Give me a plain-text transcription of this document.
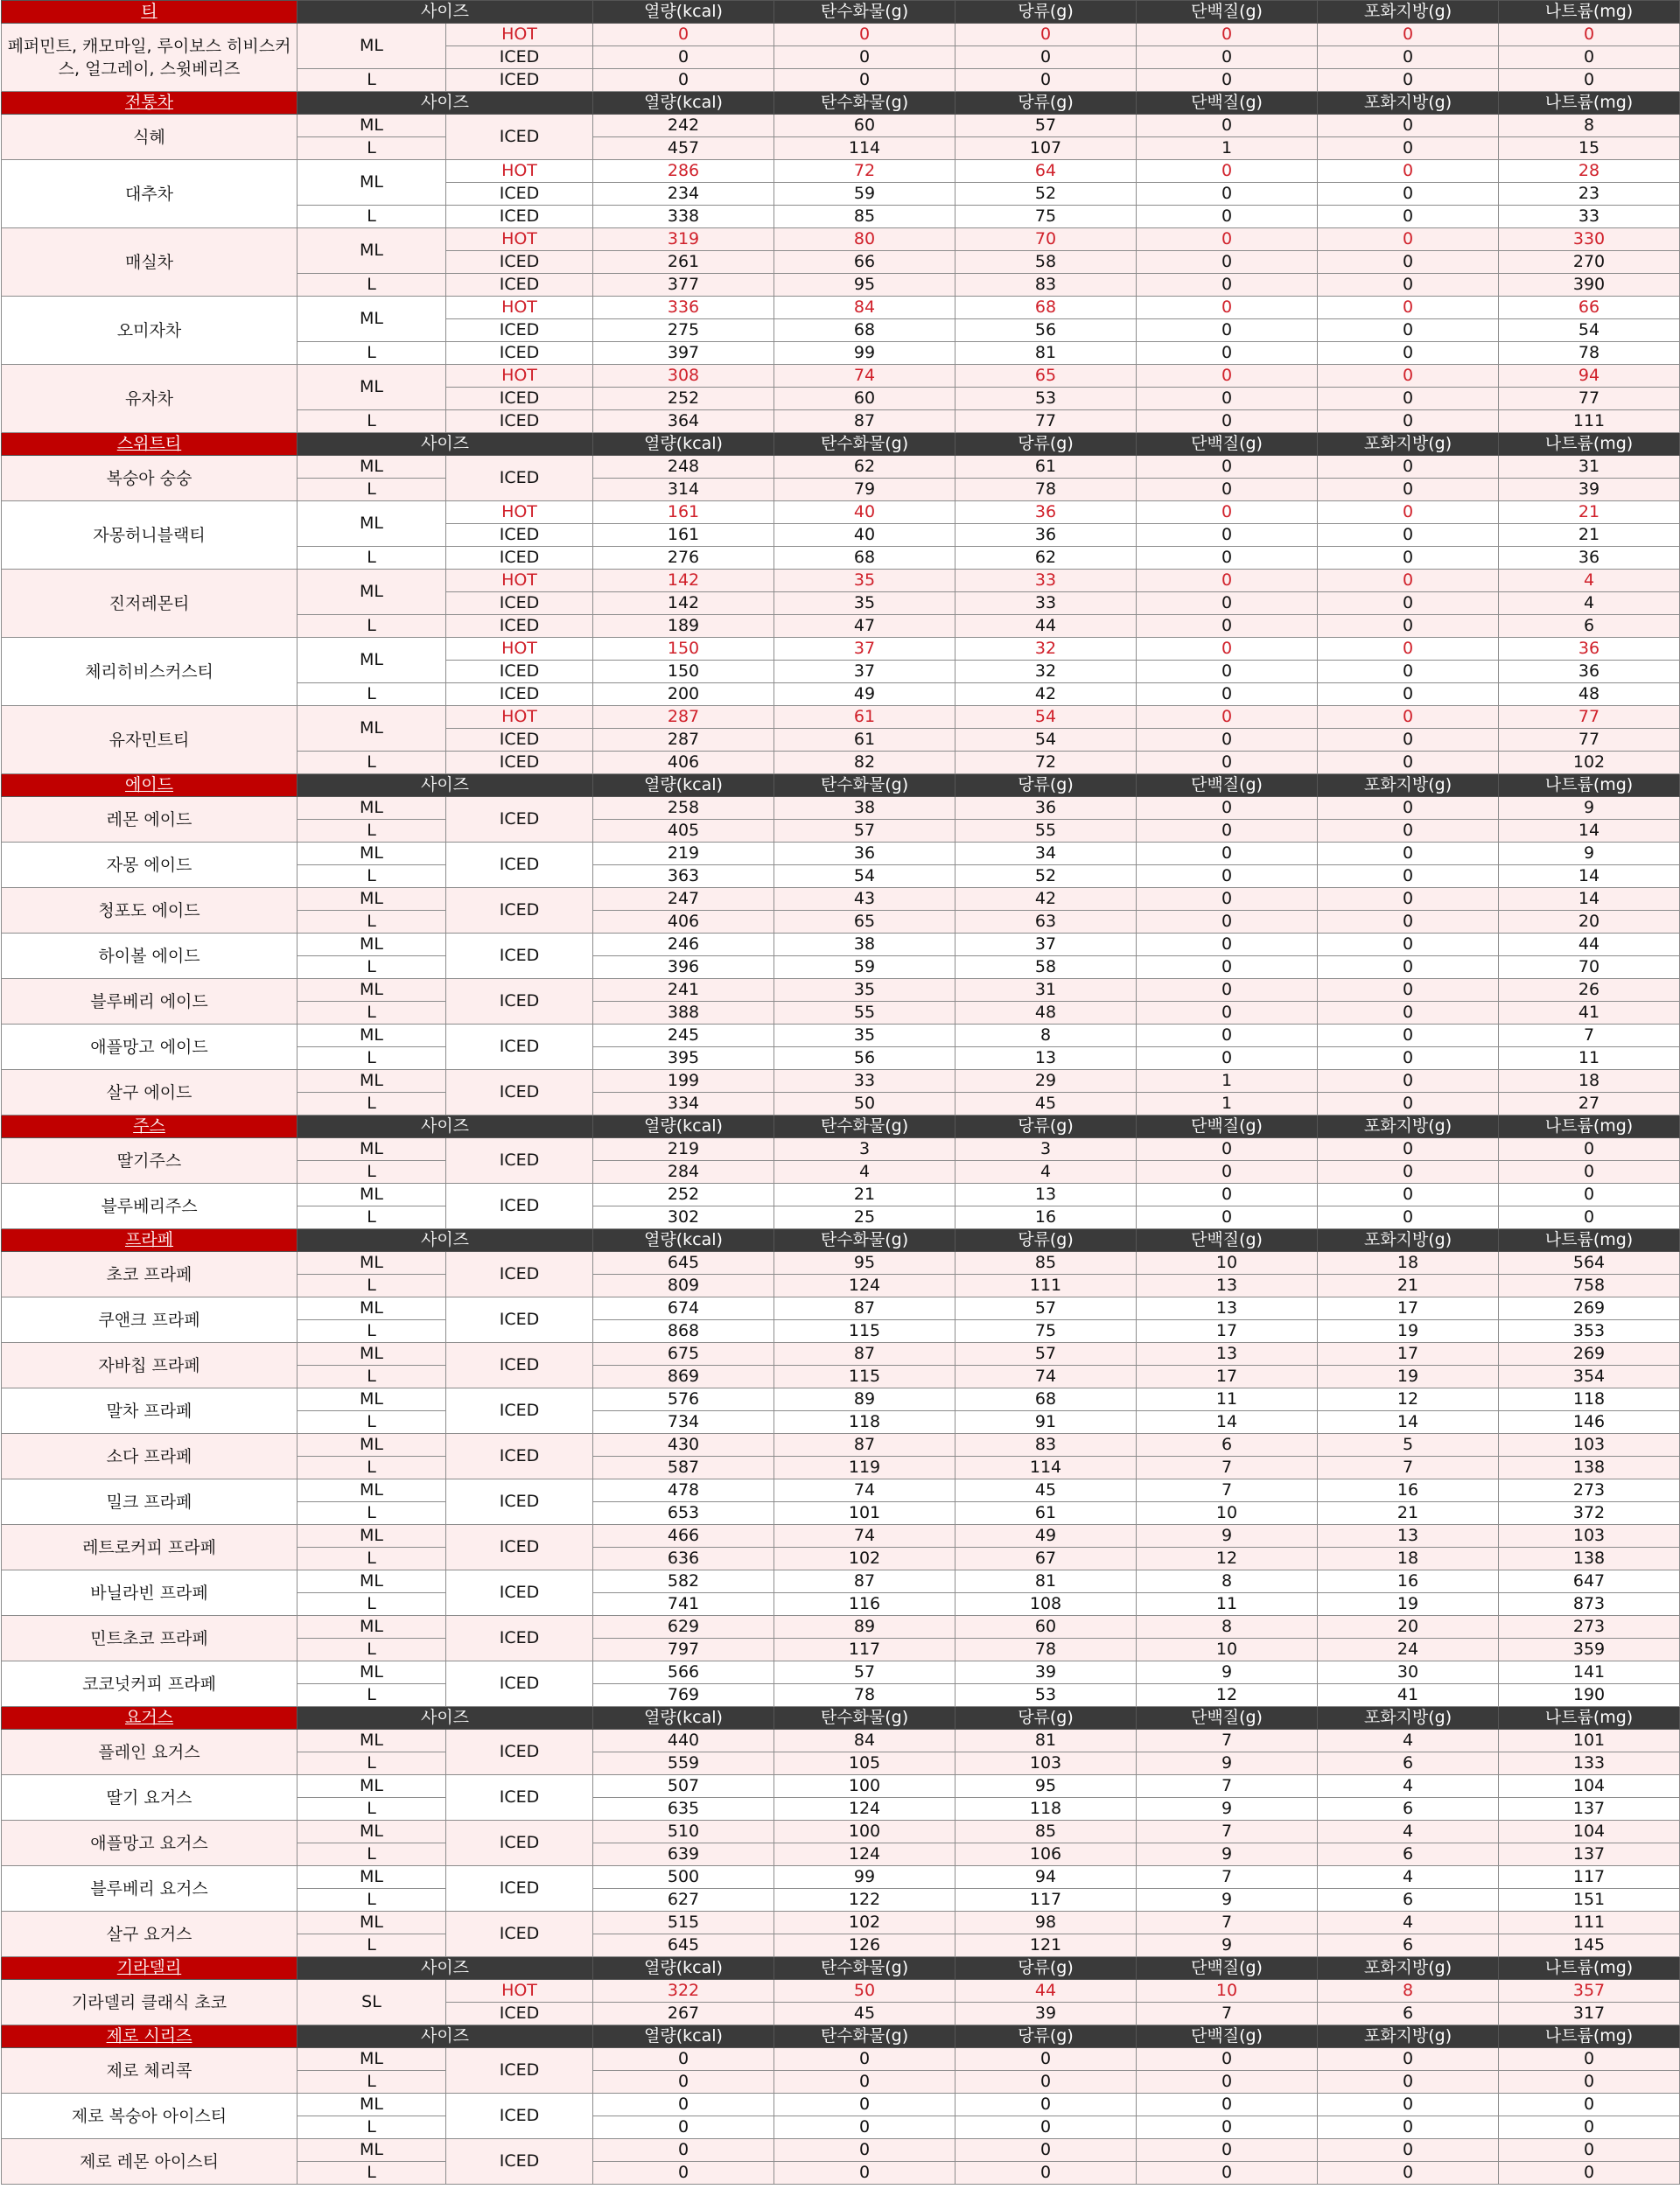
티	사이즈		열량(kcal)	탄수화물(g)	당류(g)	단백질(g)	포화지방(g)	나트륨(mg)
페퍼민트, 캐모마일, 루이보스 히비스커스, 얼그레이, 스윗베리즈	ML	HOT	0	0	0	0	0	0
		ICED	0	0	0	0	0	0
	L	ICED	0	0	0	0	0	0
전통차	사이즈		열량(kcal)	탄수화물(g)	당류(g)	단백질(g)	포화지방(g)	나트륨(mg)
식혜	ML	ICED	242	60	57	0	0	8
	L		457	114	107	1	0	15
대추차	ML	HOT	286	72	64	0	0	28
		ICED	234	59	52	0	0	23
	L	ICED	338	85	75	0	0	33
매실차	ML	HOT	319	80	70	0	0	330
		ICED	261	66	58	0	0	270
	L	ICED	377	95	83	0	0	390
오미자차	ML	HOT	336	84	68	0	0	66
		ICED	275	68	56	0	0	54
	L	ICED	397	99	81	0	0	78
유자차	ML	HOT	308	74	65	0	0	94
		ICED	252	60	53	0	0	77
	L	ICED	364	87	77	0	0	111
스위트티	사이즈		열량(kcal)	탄수화물(g)	당류(g)	단백질(g)	포화지방(g)	나트륨(mg)
복숭아 숭숭	ML	ICED	248	62	61	0	0	31
	L		314	79	78	0	0	39
자몽허니블랙티	ML	HOT	161	40	36	0	0	21
		ICED	161	40	36	0	0	21
	L	ICED	276	68	62	0	0	36
진저레몬티	ML	HOT	142	35	33	0	0	4
		ICED	142	35	33	0	0	4
	L	ICED	189	47	44	0	0	6
체리히비스커스티	ML	HOT	150	37	32	0	0	36
		ICED	150	37	32	0	0	36
	L	ICED	200	49	42	0	0	48
유자민트티	ML	HOT	287	61	54	0	0	77
		ICED	287	61	54	0	0	77
	L	ICED	406	82	72	0	0	102
에이드	사이즈		열량(kcal)	탄수화물(g)	당류(g)	단백질(g)	포화지방(g)	나트륨(mg)
레몬 에이드	ML	ICED	258	38	36	0	0	9
	L		405	57	55	0	0	14
자몽 에이드	ML	ICED	219	36	34	0	0	9
	L		363	54	52	0	0	14
청포도 에이드	ML	ICED	247	43	42	0	0	14
	L		406	65	63	0	0	20
하이볼 에이드	ML	ICED	246	38	37	0	0	44
	L		396	59	58	0	0	70
블루베리 에이드	ML	ICED	241	35	31	0	0	26
	L		388	55	48	0	0	41
애플망고 에이드	ML	ICED	245	35	8	0	0	7
	L		395	56	13	0	0	11
살구 에이드	ML	ICED	199	33	29	1	0	18
	L		334	50	45	1	0	27
주스	사이즈		열량(kcal)	탄수화물(g)	당류(g)	단백질(g)	포화지방(g)	나트륨(mg)
딸기주스	ML	ICED	219	3	3	0	0	0
	L		284	4	4	0	0	0
블루베리주스	ML	ICED	252	21	13	0	0	0
	L		302	25	16	0	0	0
프라페	사이즈		열량(kcal)	탄수화물(g)	당류(g)	단백질(g)	포화지방(g)	나트륨(mg)
초코 프라페	ML	ICED	645	95	85	10	18	564
	L		809	124	111	13	21	758
쿠앤크 프라페	ML	ICED	674	87	57	13	17	269
	L		868	115	75	17	19	353
자바칩 프라페	ML	ICED	675	87	57	13	17	269
	L		869	115	74	17	19	354
말차 프라페	ML	ICED	576	89	68	11	12	118
	L		734	118	91	14	14	146
소다 프라페	ML	ICED	430	87	83	6	5	103
	L		587	119	114	7	7	138
밀크 프라페	ML	ICED	478	74	45	7	16	273
	L		653	101	61	10	21	372
레트로커피 프라페	ML	ICED	466	74	49	9	13	103
	L		636	102	67	12	18	138
바닐라빈 프라페	ML	ICED	582	87	81	8	16	647
	L		741	116	108	11	19	873
민트초코 프라페	ML	ICED	629	89	60	8	20	273
	L		797	117	78	10	24	359
코코넛커피 프라페	ML	ICED	566	57	39	9	30	141
	L		769	78	53	12	41	190
요거스	사이즈		열량(kcal)	탄수화물(g)	당류(g)	단백질(g)	포화지방(g)	나트륨(mg)
플레인 요거스	ML	ICED	440	84	81	7	4	101
	L		559	105	103	9	6	133
딸기 요거스	ML	ICED	507	100	95	7	4	104
	L		635	124	118	9	6	137
애플망고 요거스	ML	ICED	510	100	85	7	4	104
	L		639	124	106	9	6	137
블루베리 요거스	ML	ICED	500	99	94	7	4	117
	L		627	122	117	9	6	151
살구 요거스	ML	ICED	515	102	98	7	4	111
	L		645	126	121	9	6	145
기라델리	사이즈		열량(kcal)	탄수화물(g)	당류(g)	단백질(g)	포화지방(g)	나트륨(mg)
기라델리 클래식 초코	SL	HOT	322	50	44	10	8	357
		ICED	267	45	39	7	6	317
제로 시리즈	사이즈		열량(kcal)	탄수화물(g)	당류(g)	단백질(g)	포화지방(g)	나트륨(mg)
제로 체리콕	ML	ICED	0	0	0	0	0	0
	L		0	0	0	0	0	0
제로 복숭아 아이스티	ML	ICED	0	0	0	0	0	0
	L		0	0	0	0	0	0
제로 레몬 아이스티	ML	ICED	0	0	0	0	0	0
	L		0	0	0	0	0	0
